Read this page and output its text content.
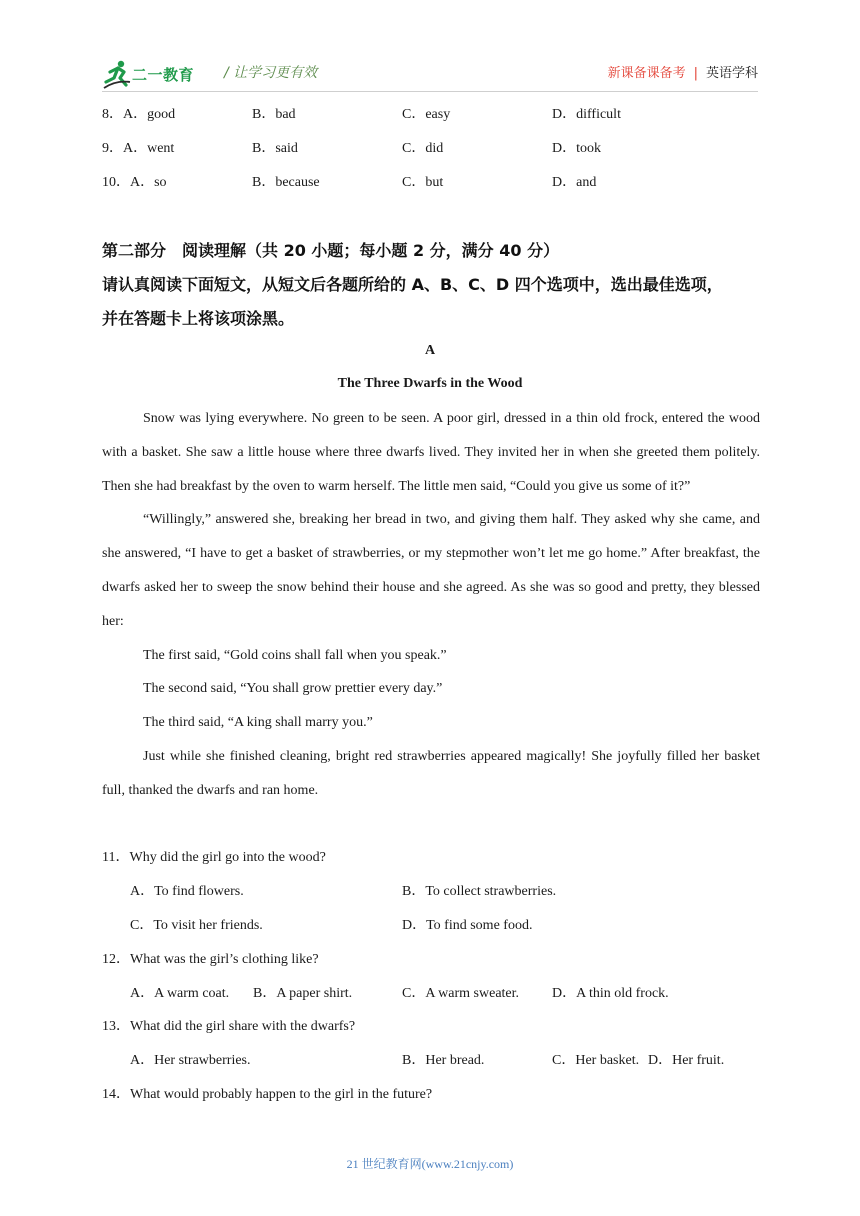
二一教育 / 让学习更有效	新课备课备考 | 英语学科
8．A．good	B．bad	C．easy	D．difficult
9．A．went	B．said	C．did	D．took
10．A．so	B．because	C．but	D．and
第二部分　阅读理解（共 20 小题；每小题 2 分，满分 40 分）
请认真阅读下面短文，从短文后各题所给的 A、B、C、D 四个选项中，选出最佳选项，
并在答题卡上将该项涂黑。
A
The Three Dwarfs in the Wood

Snow was lying everywhere. No green to be seen. A poor girl, dressed in a thin old frock, entered the wood with a basket. She saw a little house where three dwarfs lived. They invited her in when she greeted them politely. Then she had breakfast by the oven to warm herself. The little men said, “Could you give us some of it?”

“Willingly,” answered she, breaking her bread in two, and giving them half. They asked why she came, and she answered, “I have to get a basket of strawberries, or my stepmother won’t let me go home.” After breakfast, the dwarfs asked her to sweep the snow behind their house and she agreed. As she was so good and pretty, they blessed her:

The first said, “Gold coins shall fall when you speak.”

The second said, “You shall grow prettier every day.”

The third said, “A king shall marry you.”

Just while she finished cleaning, bright red strawberries appeared magically! She joyfully filled her basket full, thanked the dwarfs and ran home.

11．Why did the girl go into the wood?
A．To find flowers.	B．To collect strawberries.
C．To visit her friends.	D．To find some food.
12．What was the girl’s clothing like?
A．A warm coat. B．A paper shirt.	C．A warm sweater. D．A thin old frock.
13．What did the girl share with the dwarfs?
A．Her strawberries.	B．Her bread.	C．Her basket. D．Her fruit.
14．What would probably happen to the girl in the future?
21 世纪教育网(www.21cnjy.com)
